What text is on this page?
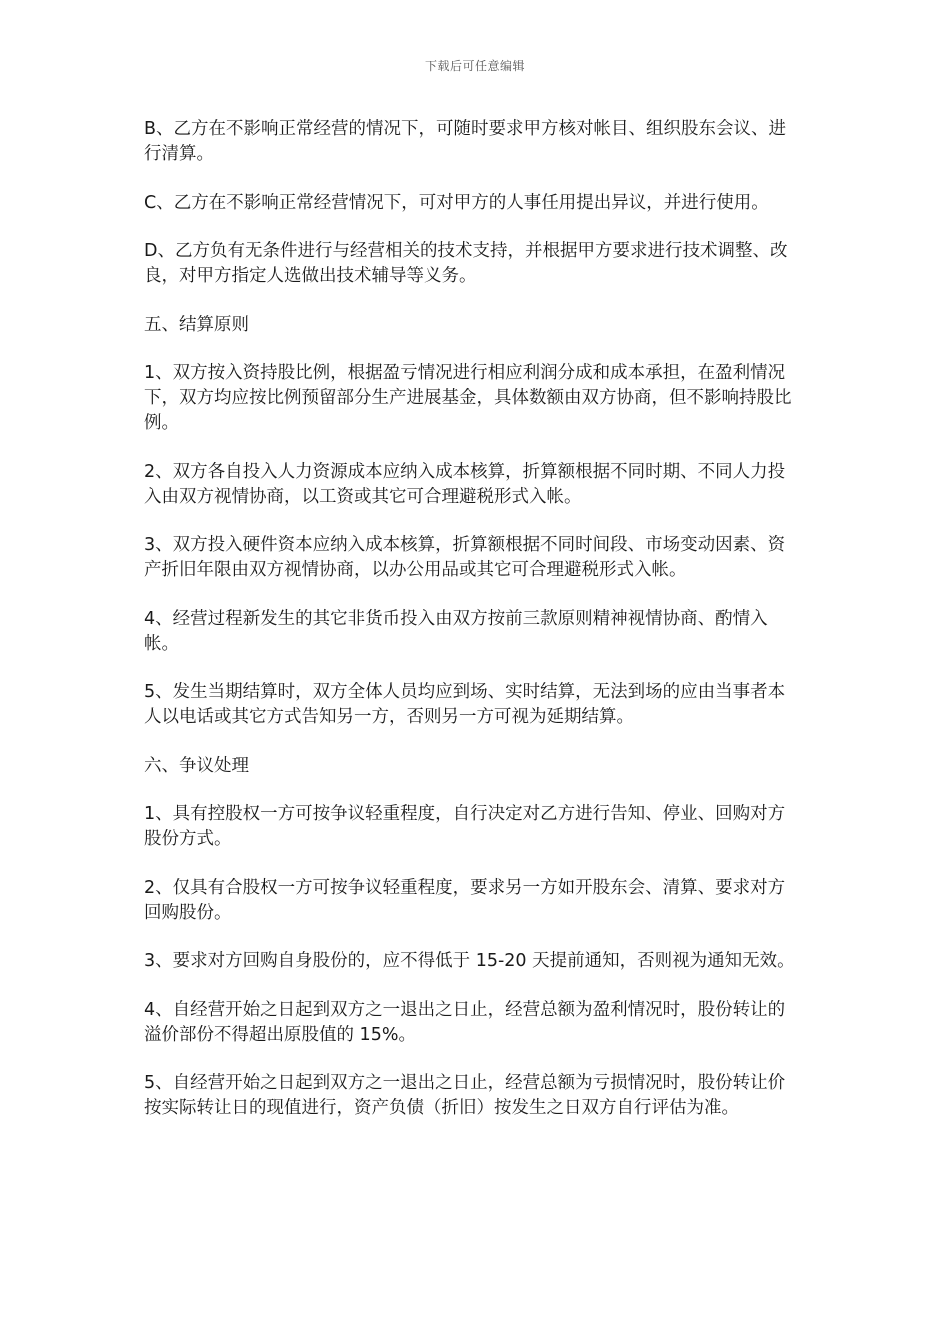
下载后可任意编辑

B、乙方在不影响正常经营的情况下，可随时要求甲方核对帐目、组织股东会议、进行清算。

C、乙方在不影响正常经营情况下，可对甲方的人事任用提出异议，并进行使用。

D、乙方负有无条件进行与经营相关的技术支持，并根据甲方要求进行技术调整、改良，对甲方指定人选做出技术辅导等义务。

五、结算原则

1、双方按入资持股比例，根据盈亏情况进行相应利润分成和成本承担，在盈利情况下，双方均应按比例预留部分生产进展基金，具体数额由双方协商，但不影响持股比例。

2、双方各自投入人力资源成本应纳入成本核算，折算额根据不同时期、不同人力投入由双方视情协商，以工资或其它可合理避税形式入帐。

3、双方投入硬件资本应纳入成本核算，折算额根据不同时间段、市场变动因素、资产折旧年限由双方视情协商，以办公用品或其它可合理避税形式入帐。

4、经营过程新发生的其它非货币投入由双方按前三款原则精神视情协商、酌情入帐。

5、发生当期结算时，双方全体人员均应到场、实时结算，无法到场的应由当事者本人以电话或其它方式告知另一方，否则另一方可视为延期结算。

六、争议处理

1、具有控股权一方可按争议轻重程度，自行决定对乙方进行告知、停业、回购对方股份方式。

2、仅具有合股权一方可按争议轻重程度，要求另一方如开股东会、清算、要求对方回购股份。

3、要求对方回购自身股份的，应不得低于 15-20 天提前通知，否则视为通知无效。

4、自经营开始之日起到双方之一退出之日止，经营总额为盈利情况时，股份转让的溢价部份不得超出原股值的 15%。

5、自经营开始之日起到双方之一退出之日止，经营总额为亏损情况时，股份转让价按实际转让日的现值进行，资产负债（折旧）按发生之日双方自行评估为准。
